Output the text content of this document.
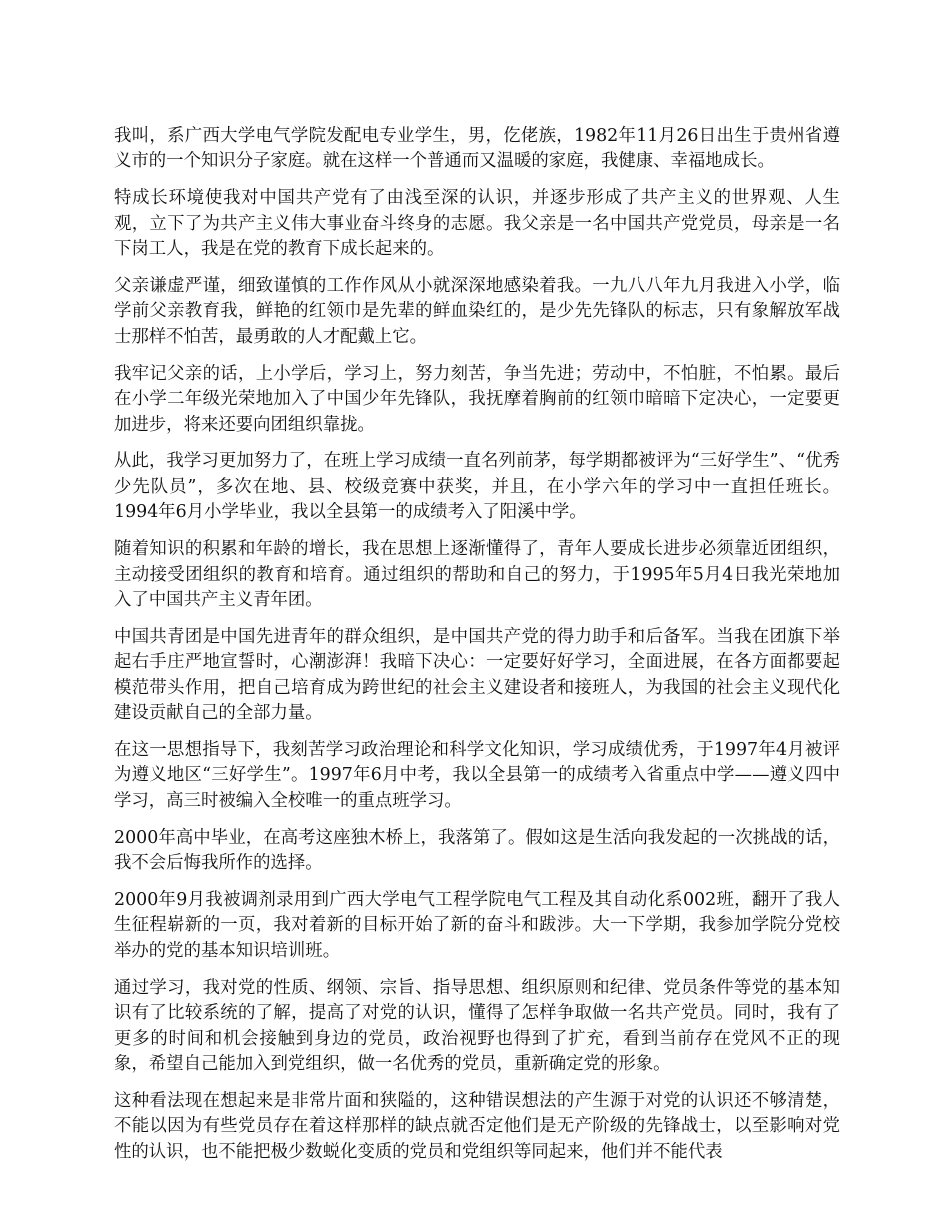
我叫，系广西大学电气学院发配电专业学生，男，仡佬族，1982年11月26日出生于贵州省遵义市的一个知识分子家庭。就在这样一个普通而又温暖的家庭，我健康、幸福地成长。

特成长环境使我对中国共产党有了由浅至深的认识，并逐步形成了共产主义的世界观、人生观，立下了为共产主义伟大事业奋斗终身的志愿。我父亲是一名中国共产党党员，母亲是一名下岗工人，我是在党的教育下成长起来的。

父亲谦虚严谨，细致谨慎的工作作风从小就深深地感染着我。一九八八年九月我进入小学，临学前父亲教育我，鲜艳的红领巾是先辈的鲜血染红的，是少先先锋队的标志，只有象解放军战士那样不怕苦，最勇敢的人才配戴上它。

我牢记父亲的话，上小学后，学习上，努力刻苦，争当先进；劳动中，不怕脏，不怕累。最后在小学二年级光荣地加入了中国少年先锋队，我抚摩着胸前的红领巾暗暗下定决心，一定要更加进步，将来还要向团组织靠拢。

从此，我学习更加努力了，在班上学习成绩一直名列前茅，每学期都被评为“三好学生”、“优秀少先队员”，多次在地、县、校级竞赛中获奖，并且，在小学六年的学习中一直担任班长。1994年6月小学毕业，我以全县第一的成绩考入了阳溪中学。

随着知识的积累和年龄的增长，我在思想上逐渐懂得了，青年人要成长进步必须靠近团组织，主动接受团组织的教育和培育。通过组织的帮助和自己的努力，于1995年5月4日我光荣地加入了中国共产主义青年团。

中国共青团是中国先进青年的群众组织，是中国共产党的得力助手和后备军。当我在团旗下举起右手庄严地宣誓时，心潮澎湃！我暗下决心：一定要好好学习，全面进展，在各方面都要起模范带头作用，把自己培育成为跨世纪的社会主义建设者和接班人，为我国的社会主义现代化建设贡献自己的全部力量。

在这一思想指导下，我刻苦学习政治理论和科学文化知识，学习成绩优秀，于1997年4月被评为遵义地区“三好学生”。1997年6月中考，我以全县第一的成绩考入省重点中学——遵义四中学习，高三时被编入全校唯一的重点班学习。

2000年高中毕业，在高考这座独木桥上，我落第了。假如这是生活向我发起的一次挑战的话，我不会后悔我所作的选择。

2000年9月我被调剂录用到广西大学电气工程学院电气工程及其自动化系002班，翻开了我人生征程崭新的一页，我对着新的目标开始了新的奋斗和跋涉。大一下学期，我参加学院分党校举办的党的基本知识培训班。

通过学习，我对党的性质、纲领、宗旨、指导思想、组织原则和纪律、党员条件等党的基本知识有了比较系统的了解，提高了对党的认识，懂得了怎样争取做一名共产党员。同时，我有了更多的时间和机会接触到身边的党员，政治视野也得到了扩充，看到当前存在党风不正的现象，希望自己能加入到党组织，做一名优秀的党员，重新确定党的形象。

这种看法现在想起来是非常片面和狭隘的，这种错误想法的产生源于对党的认识还不够清楚，不能以因为有些党员存在着这样那样的缺点就否定他们是无产阶级的先锋战士，以至影响对党性的认识，也不能把极少数蜕化变质的党员和党组织等同起来，他们并不能代表
